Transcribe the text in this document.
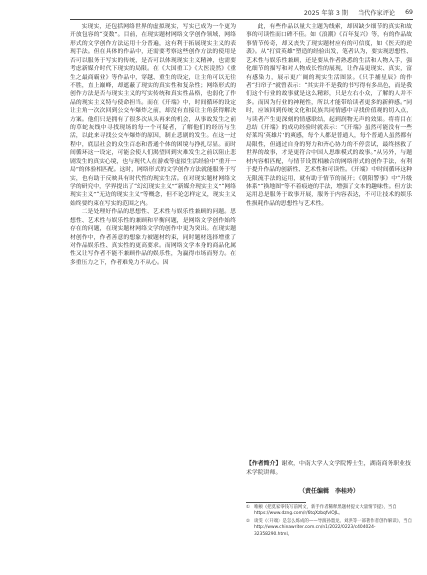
2025 年第 3 期 当代作家评论 69

实现实，还包括网络世界的虚拟现实，写实已成为一个更为开放包容的“变数”。目前，在现实题材网络文学创作领域，网络形式的文学创作方法运用十分普遍，这有利于拓展现实主义的表现手法。但在具体的作品中，还需要考察这些创作方法的使用是否可以服务于写实的传统，是否可以体现现实主义精神，也需要考虑新媒介时代下现实的局限。在《大国重工》《大医凌然》《重生之最商霸业》等作品中，穿越、重生的设定，让主角可以无往不胜，直上巅峰，却遮蔽了现实的真实性和复杂性；网络形式的创作方法是否与现实主义的写实传统和真实性品格，也弱化了作品的现实主义特与使命担当。而在《开端》中，时间循环的设定让主角一次次回到公交车爆炸之前，却没有直接让主角获得解决方案。他们只是拥有了很多次从头再来的机会，从事故发生之前的草蛇灰线中寻找现场的每一个可疑者，了解他们的经历与生活，以此来寻找公交车爆炸的原因，制止悲剧的发生。在这一过程中，底层社会的众生百态和普通个体的困境与挣扎尽显。而时间循环这一设定，可能会使人们渴望回到灾难发生之前以阻止悲剧发生的真实心境，也与现代人在游戏等虚拟生活经验中“重开一局”的体验相匹配。这时，网络形式的文学创作方法就能服务于写实，也有助于反映具有时代性的现实生活。在对现实题材网络文学的研究中，学界提出了“幻幻现实主义”“新媒介现实主义”“网络现实主义”“无边的现实主义”等概念，但不论怎样定义，现实主义始终要约束在写实的范围之内。

二是处理好作品的思想性、艺术性与娱乐性兼顾的问题。思想性、艺术性与娱乐性的兼顾和平衡问题，是网络文学创作始终存在的问题，在现实题材网络文学的创作中更为突出。在现实题材创作中，作者善意的想象力被题材约束，同时题材选择增重了对作品娱乐性、真实性的更高要求。而网络文学本身的商品化属性又让写作者不能不兼顾作品的娱乐性，为赢得市场而努力。在多重压力之下，作者难免力不从心。因

此，有些作品以量大主题为线索，却因缺少细节的真实和故事的可读性而口碑不佳。如《浪潮》《百年复兴》等，有的作品故事情节传奇，却又丧失了现实题材应有的可信度，如《医天的逆袭》。从“打赏英雄”塑造的经验出发，笔者认为，要实现思想性、艺术性与娱乐性兼顾，还是要从作者熟悉的生活和人物入手，强化细节的描写和对人物成长性的展现，让作品更现实、真实，富有感染力，展示更广阔的现实生活图景。《只手捕星辰》的作者“扫帘子”就曾表示：“其实并不是我的书写得有多出色，而是我们这个行业的故事就是这么精彩，只是左右小众，了解的人并不多。而因为行业的神秘性，所以才能带给读者更多的新鲜感。”同时，应该回到传统文化和民族共同情感中寻找价值观的切入点，与读者产生更深刻的情感联结，起到润物无声的效果。将将目在总结《开端》的成功经验时就表示：“《开端》虽然可能没有一些好莱坞‘英雄片’的爽感，每个人都是普通人，每个普通人虽然都有局限性，但通过自身的努力和齐心协力的不停尝试，最终拯救了世界的故事，才是更符合中国人思维模式的故事。”从另外，与题材内容相匹配，与情节设置相融合的网络形式的创作手法，有利于提升作品的创新性、艺术性和可读性。《开端》中时间循环这种无限流手法的运用，就有助于情节的展开；《朝阳警事》中“升级体系”“换地图”等不着痕迹的手法，增强了文本的趣味性。但方法运用总是服务于故事开展，服务于内容表达，不可让技术的娱乐性损耗作品的思想性与艺术性。

【作者简介】谢欢，中南大学人文学院博士生，湖南商务职业技术学院讲师。
（责任编辑　李桂玲）
① 唯额《把莫家零钱写前网文，新手作者稀释黑题材提文大量情节提》，当自https://www.dzng.com/r/6tqXzbqfvlOJL。
② 谈雯《〈开端〉是怎么炼成的——导演孙墨龙、刘洪等一部著作者创作解读》，当自http://www.chinawriter.com.cn/n1/2022/0223/c404024-32358290.html。
